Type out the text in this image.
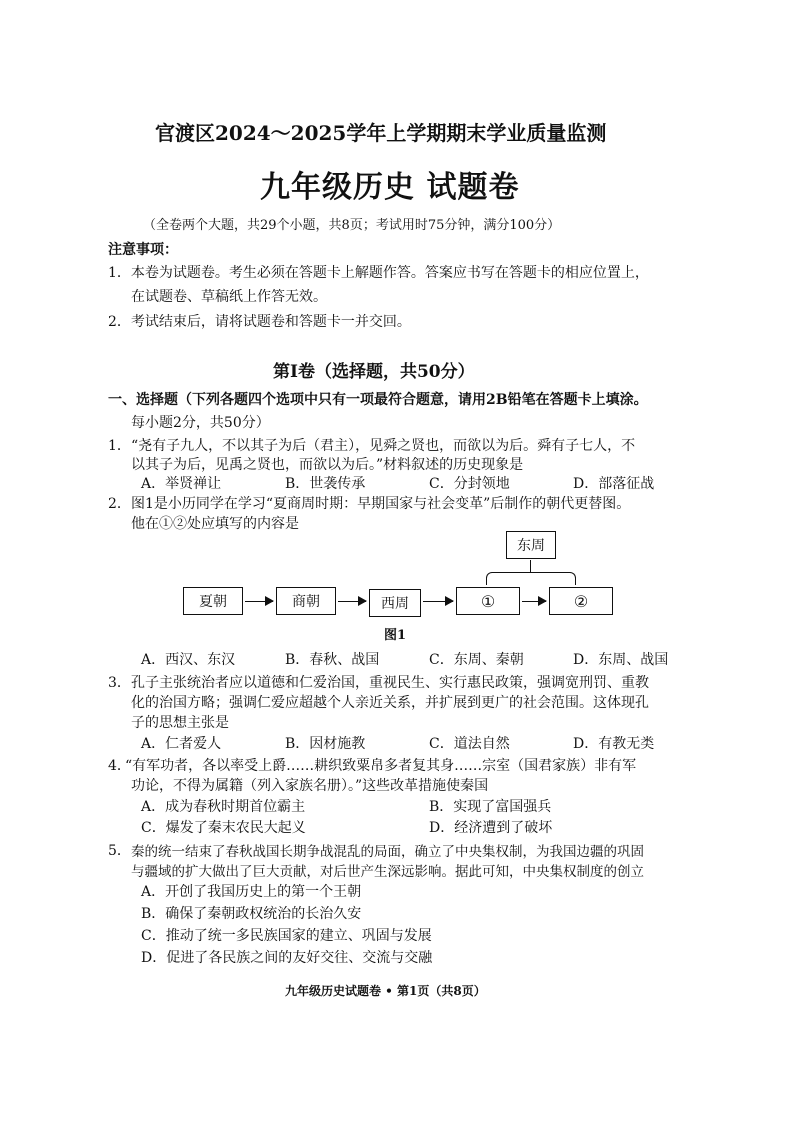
官渡区2024～2025学年上学期期末学业质量监测
九年级历史 试题卷
（全卷两个大题，共29个小题，共8页；考试用时75分钟，满分100分）
注意事项：
1．本卷为试题卷。考生必须在答题卡上解题作答。答案应书写在答题卡的相应位置上，
在试题卷、草稿纸上作答无效。
2．考试结束后，请将试题卷和答题卡一并交回。
第Ⅰ卷（选择题，共50分）
一、选择题（下列各题四个选项中只有一项最符合题意，请用2B铅笔在答题卡上填涂。
每小题2分，共50分）
1． “尧有子九人，不以其子为后（君主），见舜之贤也，而欲以为后。舜有子七人，不
以其子为后，见禹之贤也，而欲以为后。”材料叙述的历史现象是
A．举贤禅让	B．世袭传承	C．分封领地	D．部落征战
2． 图1是小历同学在学习“夏商周时期：早期国家与社会变革”后制作的朝代更替图。
他在①②处应填写的内容是
夏朝	商朝	西周	①	②
东周
图1
A．西汉、东汉	B．春秋、战国	C．东周、秦朝	D．东周、战国
3． 孔子主张统治者应以道德和仁爱治国，重视民生、实行惠民政策，强调宽刑罚、重教
化的治国方略；强调仁爱应超越个人亲近关系，并扩展到更广的社会范围。这体现孔
子的思想主张是
A．仁者爱人	B．因材施教	C．道法自然	D．有教无类
4．
“有军功者，各以率受上爵……耕织致粟帛多者复其身……宗室（国君家族）非有军
功论，不得为属籍（列入家族名册）。”这些改革措施使秦国
A．成为春秋时期首位霸主	B．实现了富国强兵
C．爆发了秦末农民大起义	D．经济遭到了破坏
5． 秦的统一结束了春秋战国长期争战混乱的局面，确立了中央集权制，为我国边疆的巩固
与疆域的扩大做出了巨大贡献，对后世产生深远影响。据此可知，中央集权制度的创立
A．开创了我国历史上的第一个王朝
B．确保了秦朝政权统治的长治久安
C．推动了统一多民族国家的建立、巩固与发展
D．促进了各民族之间的友好交往、交流与交融
九年级历史试题卷 • 第1页（共8页）
